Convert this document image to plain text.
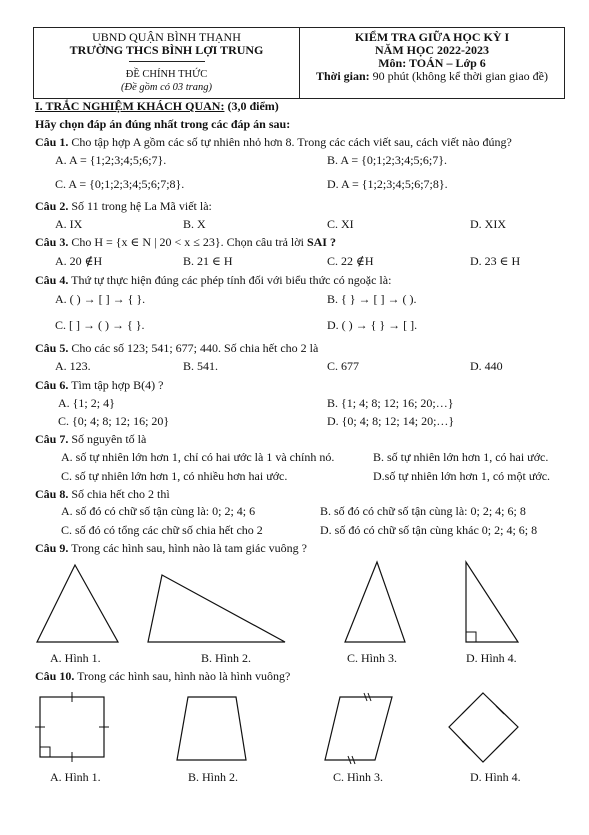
UBND QUẬN BÌNH THẠNH
TRƯỜNG THCS BÌNH LỢI TRUNG
ĐỀ CHÍNH THỨC
(Đề gồm có 03 trang)
KIỂM TRA GIỮA HỌC KỲ I
NĂM HỌC 2022-2023
Môn: TOÁN – Lớp 6
Thời gian: 90 phút (không kể thời gian giao đề)
I. TRẮC NGHIỆM KHÁCH QUAN: (3,0 điểm)
Hãy chọn đáp án đúng nhất trong các đáp án sau:
Câu 1. Cho tập hợp A gồm các số tự nhiên nhỏ hơn 8. Trong các cách viết sau, cách viết nào đúng?
A. A = {1;2;3;4;5;6;7}.	B. A = {0;1;2;3;4;5;6;7}.
C. A = {0;1;2;3;4;5;6;7;8}.	D. A = {1;2;3;4;5;6;7;8}.
Câu 2. Số 11 trong hệ La Mã viết là:
A. IX	B. X	C. XI	D. XIX
Câu 3. Cho H = {x ∈ N | 20 < x ≤ 23}. Chọn câu trả lời SAI ?
A. 20 ∉H	B. 21 ∈ H	C. 22 ∉H	D. 23 ∈ H
Câu 4. Thứ tự thực hiện đúng các phép tính đối với biểu thức có ngoặc là:
A. ( ) → [ ] → { }.	B. { } → [ ] → ( ).
C. [ ] → ( ) → { }.	D. ( ) → { } → [ ].
Câu 5. Cho các số 123; 541; 677; 440. Số chia hết cho 2 là
A. 123.	B. 541.	C. 677	D. 440
Câu 6. Tìm tập hợp B(4) ?
A. {1; 2; 4}	B. {1; 4; 8; 12; 16; 20;…}
C. {0; 4; 8; 12; 16; 20}	D. {0; 4; 8; 12; 14; 20;…}
Câu 7. Số nguyên tố là
A. số tự nhiên lớn hơn 1, chỉ có hai ước là 1 và chính nó.	B. số tự nhiên lớn hơn 1, có hai ước.
C. số tự nhiên lớn hơn 1, có nhiều hơn hai ước.	D.số tự nhiên lớn hơn 1, có một ước.
Câu 8. Số chia hết cho 2 thì
A. số đó có chữ số tận cùng là: 0; 2; 4; 6	B. số đó có chữ số tận cùng là: 0; 2; 4; 6; 8
C. số đó có tổng các chữ số chia hết cho 2	D. số đó có chữ số tận cùng khác 0; 2; 4; 6; 8
Câu 9. Trong các hình sau, hình nào là tam giác vuông ?
A. Hình 1.	B. Hình 2.	C. Hình 3.	D. Hình 4.
Câu 10. Trong các hình sau, hình nào là hình vuông?
A. Hình 1.	B. Hình 2.	C. Hình 3.	D. Hình 4.
